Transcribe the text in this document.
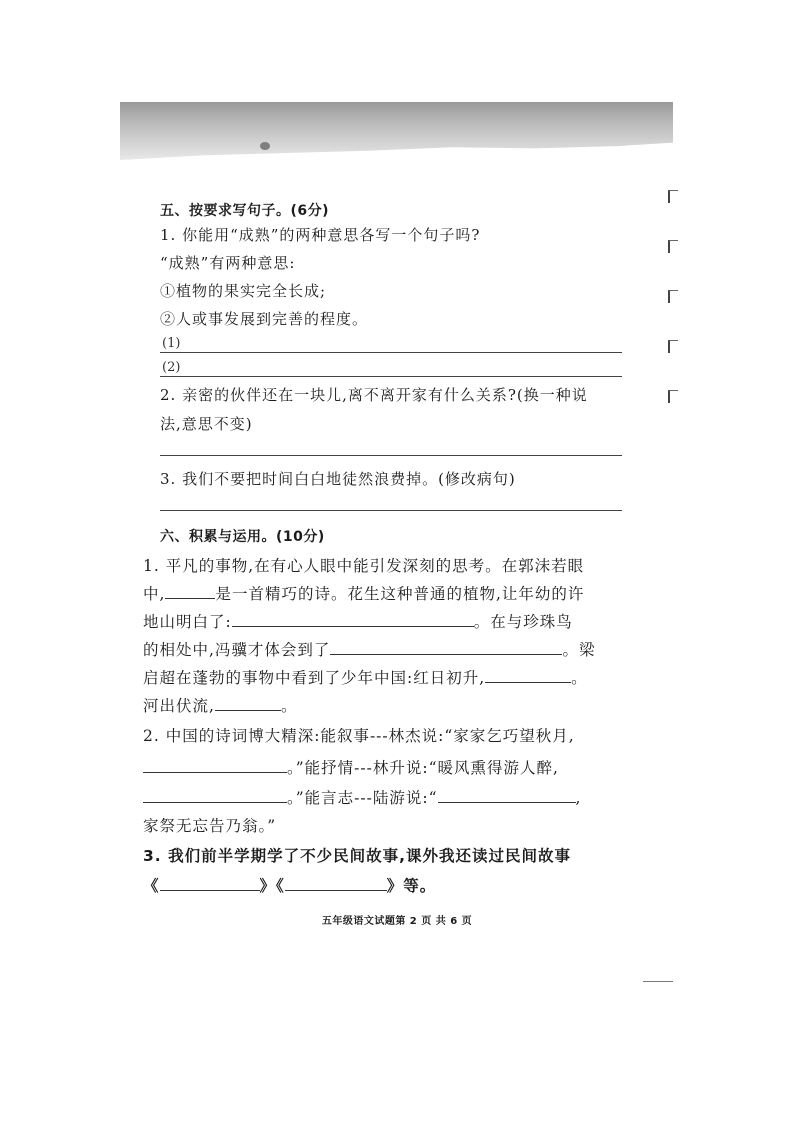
五、按要求写句子。(6分)
1. 你能用“成熟”的两种意思各写一个句子吗?
“成熟”有两种意思:
①植物的果实完全长成;
②人或事发展到完善的程度。
(1)
(2)
2. 亲密的伙伴还在一块儿,离不离开家有什么关系?(换一种说
法,意思不变)
3. 我们不要把时间白白地徒然浪费掉。(修改病句)
六、积累与运用。(10分)
1. 平凡的事物,在有心人眼中能引发深刻的思考。在郭沫若眼
中,	是一首精巧的诗。花生这种普通的植物,让年幼的许
地山明白了:	。在与珍珠鸟
的相处中,冯骥才体会到了	。梁
启超在蓬勃的事物中看到了少年中国:红日初升,	。
河出伏流,	。
2. 中国的诗词博大精深:能叙事---林杰说:“家家乞巧望秋月,
。”能抒情---林升说:“暖风熏得游人醉,
。”能言志---陆游说:“	,
家祭无忘告乃翁。”
3. 我们前半学期学了不少民间故事,课外我还读过民间故事
《	》《	》等。
五年级语文试题第 2 页 共 6 页
